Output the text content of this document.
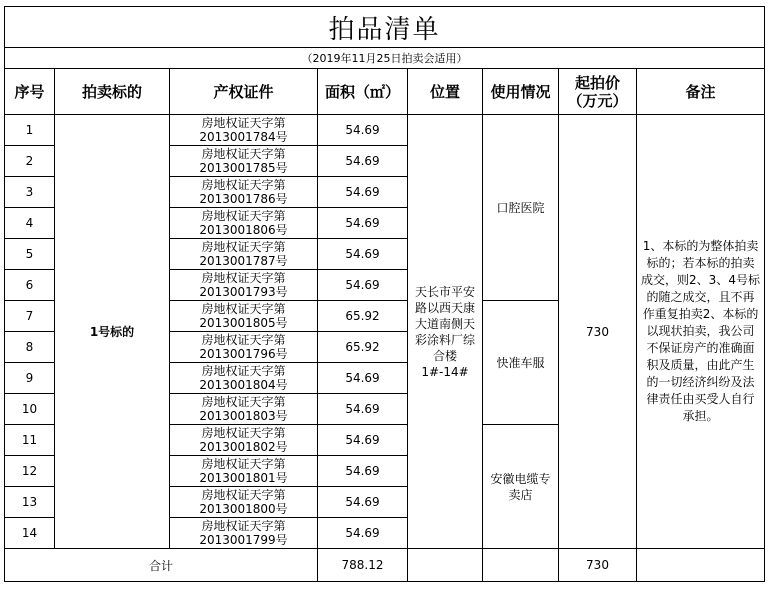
拍品清单							
（2019年11月25日拍卖会适用）							
序号	拍卖标的	产权证件	面积（㎡）	位置	使用情况	起拍价（万元）	备注
1	1号标的	房地权证天字第
2013001784号	54.69	天长市平安路以西天康大道南侧天彩涂料厂综合楼1#-14#	口腔医院	730	1、本标的为整体拍卖标的；若本标的拍卖成交，则2、3、4号标的随之成交，且不再作重复拍卖2、本标的以现状拍卖，我公司不保证房产的准确面积及质量，由此产生的一切经济纠纷及法律责任由买受人自行承担。
2		房地权证天字第
2013001785号	54.69				
3		房地权证天字第
2013001786号	54.69				
4		房地权证天字第
2013001806号	54.69				
5		房地权证天字第
2013001787号	54.69				
6		房地权证天字第
2013001793号	54.69				
7		房地权证天字第
2013001805号	65.92		快准车服		
8		房地权证天字第
2013001796号	65.92				
9		房地权证天字第
2013001804号	54.69				
10		房地权证天字第
2013001803号	54.69				
11		房地权证天字第
2013001802号	54.69		安徽电缆专卖店		
12		房地权证天字第
2013001801号	54.69				
13		房地权证天字第
2013001800号	54.69				
14		房地权证天字第
2013001799号	54.69				
合计			788.12			730	
